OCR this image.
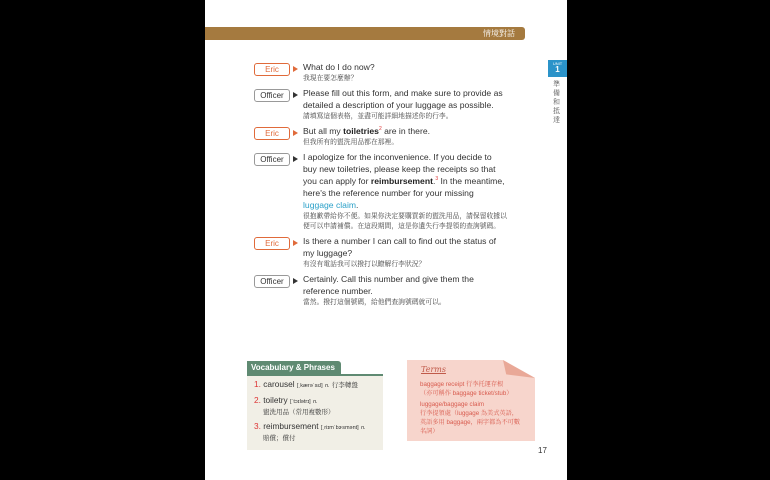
情境對話
UNIT
1
準備和抵達
Eric	What do I do now?
我現在要怎麼辦？
Officer	Please fill out this form, and make sure to provide as
detailed a description of your luggage as possible.
請填寫這個表格，並盡可能詳細地描述你的行李。
Eric	But all my toiletries$^2$ are in there.
但我所有的盥洗用品都在那裡。
Officer	I apologize for the inconvenience. If you decide to
buy new toiletries, please keep the receipts so that
you can apply for reimbursement.$^3$ In the meantime,
here's the reference number for your missing
luggage claim.
很抱歉帶給你不便。如果你決定要購買新的盥洗用品，請保留收據以便可以申請補償。在這段期間，這是你遺失行李提領的查詢號碼。
Eric	Is there a number I can call to find out the status of
my luggage?
有沒有電話我可以撥打以瞭解行李狀況？
Officer	Certainly. Call this number and give them the
reference number.
當然。撥打這個號碼，給他們查詢號碼就可以。
Vocabulary & Phrases
1. carousel [ˌkærəˈsɛl] n. 行李轉盤
2. toiletry [ˈtɔɪlətrɪ] n.
盥洗用品（常用複數形）
3. reimbursement [ˌriɪmˈbɝsmənt] n.
賠償；償付
Terms
baggage receipt 行李托運存根
（亦可稱作 baggage ticket/stub）
luggage/baggage claim
行李提領處（luggage 為美式英語，
英語多用 baggage，兩字都為不可數
名詞）
17
